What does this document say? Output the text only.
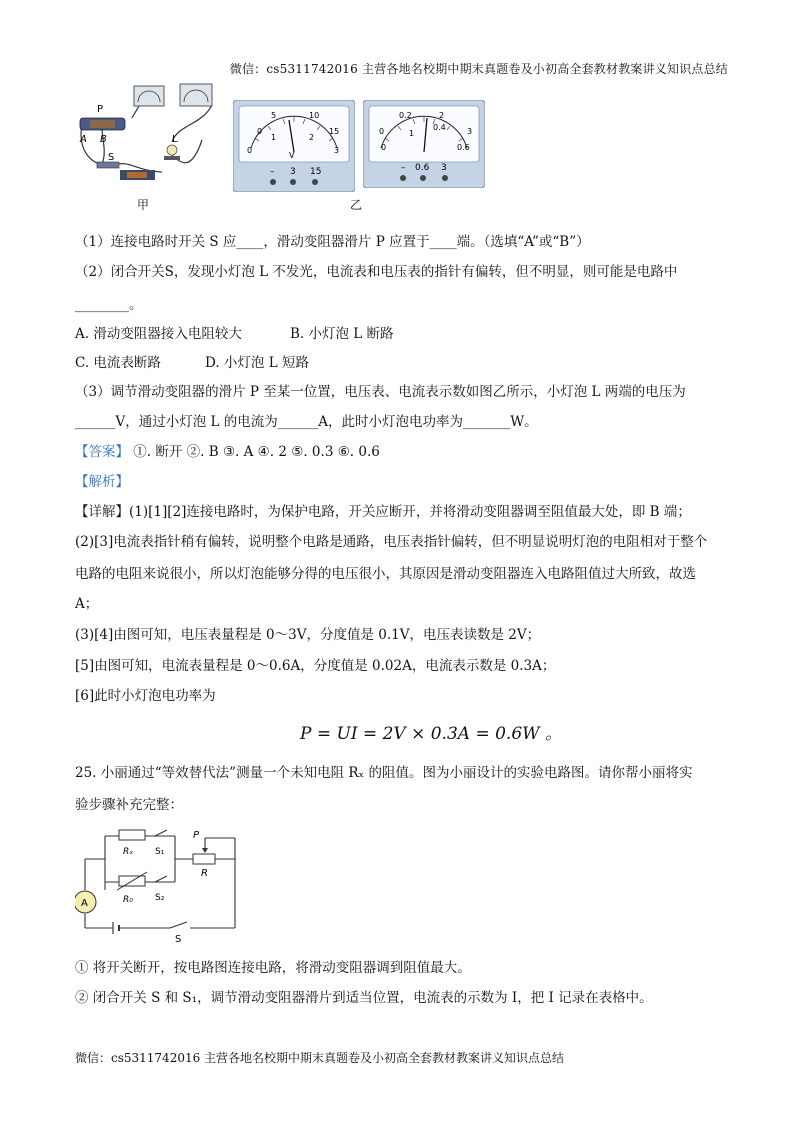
微信：cs5311742016 主营各地名校期中期末真题卷及小初高全套教材教案讲义知识点总结
P
A B	L
S
甲
0
5	10
15
0
1	2
3
V
– 3 15
0
0.2
0.4
0.6
0
1
2
3
– 0.6 3
乙
（1）连接电路时开关 S 应____，滑动变阻器滑片 P 应置于____端。（选填“A”或“B”）
（2）闭合开关S，发现小灯泡 L 不发光，电流表和电压表的指针有偏转，但不明显，则可能是电路中
________。
A. 滑动变阻器接入电阻较大	B. 小灯泡 L 断路
C. 电流表断路	D. 小灯泡 L 短路
（3）调节滑动变阻器的滑片 P 至某一位置，电压表、电流表示数如图乙所示，小灯泡 L 两端的电压为
______V，通过小灯泡 L 的电流为______A，此时小灯泡电功率为_______W。
【答案】 ①. 断开 ②. B ③. A ④. 2 ⑤. 0.3 ⑥. 0.6
【解析】
【详解】(1)[1][2]连接电路时，为保护电路，开关应断开，并将滑动变阻器调至阻值最大处，即 B 端；
(2)[3]电流表指针稍有偏转，说明整个电路是通路，电压表指针偏转，但不明显说明灯泡的电阻相对于整个
电路的电阻来说很小，所以灯泡能够分得的电压很小，其原因是滑动变阻器连入电路阻值过大所致，故选
A；
(3)[4]由图可知，电压表量程是 0～3V，分度值是 0.1V，电压表读数是 2V；
[5]由图可知，电流表量程是 0～0.6A，分度值是 0.02A，电流表示数是 0.3A；
[6]此时小灯泡电功率为
P = UI = 2V × 0.3A = 0.6W 。
25. 小丽通过“等效替代法”测量一个未知电阻 Rₓ 的阻值。图为小丽设计的实验电路图。请你帮小丽将实
验步骤补充完整：
A
Rₓ S₁
R₀ S₂
P
R
S
① 将开关断开，按电路图连接电路，将滑动变阻器调到阻值最大。
② 闭合开关 S 和 S₁，调节滑动变阻器滑片到适当位置，电流表的示数为 I，把 I 记录在表格中。
微信：cs5311742016 主营各地名校期中期末真题卷及小初高全套教材教案讲义知识点总结
